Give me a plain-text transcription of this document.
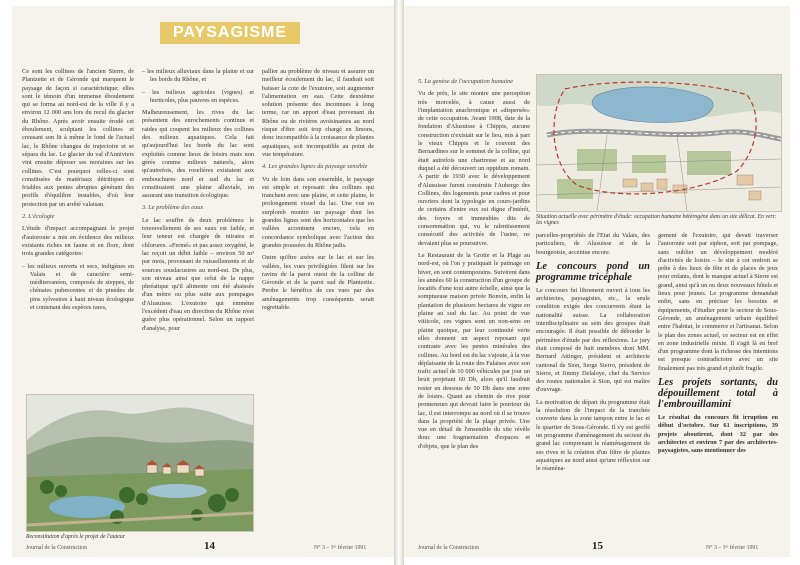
PAYSAGISME

Ce sont les collines de l'ancien Sierre, de Plantzette et de Géronde qui marquent le paysage de façon si caractéristique; elles sont le témoin d'un immense éboulement qui se forma au nord-est de la ville il y a environ 12 000 ans lors du recul du glacier du Rhône. Après avoir ensuite érodé cet éboulement, sculptant les collines et creusant son lit à même le fond de l'actuel lac, le Rhône changea de trajectoire et se sépara du lac. Le glacier du val d'Anniviers vint ensuite déposer ses moraines sur les collines. C'est pourquoi celles-ci sont constituées de matériaux détritiques et friables aux pentes abruptes générant des profils d'équilibre instables, d'où leur protection par un arrêté valaisan.

2. L'écologie

L'étude d'impact accompagnant le projet d'autoroute a mis en évidence des milieux existants riches en faune et en flore, dont trois grandes catégories:

– les milieux ouverts et secs, indigènes en Valais et de caractère semi-méditerranéen, composés de steppes, de chênaies pubescentes et de pinèdes de pins sylvestres à haut niveau écologique et contenant des espèces rares,

– les milieux alluviaux dans la plaine et sur les bords du Rhône, et

– les milieux agricoles (vignes) et horticoles, plus pauvres en espèces.

Malheureusement, les rives du lac présentent des enrochements continus et raides qui coupent les milieux des collines des milieux aquatiques. Cela fait qu'aujourd'hui les bords du lac sont exploités comme lieux de loisirs mais non gérés comme milieux naturels, alors qu'autrefois, des roselières existaient aux embouchures nord et sud du lac et constituaient une plaine alluviale, en assurant une transition écologique.

3. Le problème des eaux

Le lac souffre de deux problèmes: le renouvellement de ses eaux est faible, et leur teneur est chargée de nitrates et chlorures. «Fermé» et pas assez oxygéné, le lac reçoit un débit faible – environ 50 m³ par mois, provenant de ruissellements et de sources souslacustres au nord-est. De plus, son niveau ainsi que celui de la nappe phréatique qu'il alimente ont été abaissés d'un mètre ou plus suite aux pompages d'Alusuisse. L'exutoire qui emmène l'excédent d'eau en direction du Rhône n'est guère plus opérationnel. Selon un rapport d'analyse, pour

pallier au problème de niveau et assurer un meilleur écoulement du lac, il faudrait soit baisser la cote de l'exutoire, soit augmenter l'alimentation en eau. Cette deuxième solution présente des inconnues à long terme, car un apport d'eau provenant du Rhône ou de rivières avoisinantes au nord risque d'être soit trop chargé en limons, donc incompatible à la croissance de plantes aquatiques, soit incompatible au point de vue température.

4. Les grandes lignes du paysage sensible

Vu de loin dans son ensemble, le paysage est simple et reposant: des collines qui tranchent avec une plaine, et cette plaine, le prolongement visuel du lac. Une vue en surplomb montre un paysage dont les grandes lignes sont des horizontales que les vallées accentuent encore, cela en concordance symbolique avec l'action des grandes poussées du Rhône jadis.

Outre qu'être axées sur le lac et sur les vallées, les vues privilégiées filent sur les ravins de la paroi ouest de la colline de Géronde et de la paroi sud de Plantzette. Perdre le bénéfice de ces vues par des aménagements trop conséquents serait regrettable.

Reconstitution d'après le projet de l'auteur
Journal de la Construction	14	N° 3 – 1ᵉʳ février 1991

5. La genèse de l'occupation humaine

Vu de près, le site montre une perception très morcelée, à cause aussi de l'implantation anachronique et «dispersée» de cette occupation. Avant 1908, date de la fondation d'Alusuisse à Chippis, aucune construction n'existait sur le lieu, mis à part le vieux Chippis et le couvent des Bernardines sur le sommet de la colline, qui était autrefois une chartreuse et au nord duquel a été découvert un oppidum romain. A partir de 1930 avec le développement d'Alusuisse furent construits l'Auberge des Collines, des logements pour cadres et pour ouvriers dont la typologie en cours-jardins de certains d'entre eux est digne d'intérêt, des foyers et immeubles dits de consommation qui, vu le ralentissement consécutif des activités de l'usine, ne devaient plus se poursuivre.

Le Restaurant de la Grotte et la Plage au nord-est, où l'on y pratiquait le patinage en hiver, en sont contemporains. Suivirent dans les années 60 la construction d'un groupe de locatifs d'une tout autre échelle, ainsi que la somptueuse maison privée Bonvin, enfin la plantation de plusieurs hectares de vigne en plaine au sud du lac. Au point de vue vitiicole, ces vignes sont un non-sens en plaine quoique, par leur continuité verte elles donnent un aspect reposant qui contraste avec les pentes minérales des collines. Au bord est du lac s'ajoute, à la vue déplaisante de la route des Falaises avec son trafic actuel de 10 000 véhicules par jour un bruit projetant 60 Db, alors qu'il faudrait rester en dessous de 50 Db dans une zone de loisirs. Quant au chemin de rive pour promeneurs qui devrait faire le pourtour du lac, il est interrompu au nord où il se trouve dans la propriété de la plage privée. Une vue en détail de l'ensemble du site révèle donc une fragmentation d'espaces et d'objets, que le plan des

Situation actuelle avec périmètre d'étude: occupation humaine hétérogène dans un site délicat. En vert: les vignes

parcelles-propriétés de l'Etat du Valais, des particuliers, de Alusuisse et de la bourgeoisie, accentue encore.

Le concours pond un programme tricéphale

Le concours fut librement ouvert à tous les architectes, paysagistes, etc., la seule condition exigée des concurrents étant la nationalité suisse. La collaboration interdisciplinaire au sein des groupes était encouragée. Il était possible de déborder le périmètre d'étude par des réflexions. Le jury était composé de huit membres dont MM. Bernard Attinger, président et architecte cantonal de Sion, Serge Sierro, président de Sierre, et Jimmy Delaloye, chef du Service des routes nationales à Sion, qui est maître d'ouvrage.

La motivation de départ du programme était la résolution de l'impact de la tranchée couverte dans la zone tampon entre le lac et le quartier de Sous-Géronde. Il s'y est greffé un programme d'aménagement du secteur du grand lac comprenant le réaménagement de ses rives et la création d'un filtre de plantes aquatiques au nord ainsi qu'une réflexion sur le réaména-

gement de l'exutoire, qui devait traverser l'autoroute soit par siphon, soit par pompage, sans oublier un développement modéré d'activités de loisirs – le site à cet endroit se prête à des lieux de fête et de places de jeux pour enfants, dont le manque actuel à Sierre est grand, ainsi qu'à un ou deux nouveaux hôtels et lieux pour jeunes. Le programme demandait enfin, sans en préciser les besoins et équipements, d'étudier pour le secteur de Sous-Géronde, un aménagement urbain équilibré entre l'habitat, le commerce et l'artisanat. Selon le plan des zones actuel, ce secteur est en effet en zone industrielle mixte. Il s'agit là en bref d'un programme dont la richesse des intentions est presque contradictoire avec un site finalement pas très grand et plutôt fragile.

Les projets sortants, du dépouillement total à l'embrouillamini

Le résultat du concours fit irruption en début d'octobre. Sur 61 inscriptions, 39 projets aboutirent, dont 32 par des architectes et environ 7 par des architectes-paysagistes, sans mentionner des

Journal de la Construction	15	N° 3 – 1ᵉʳ février 1991
